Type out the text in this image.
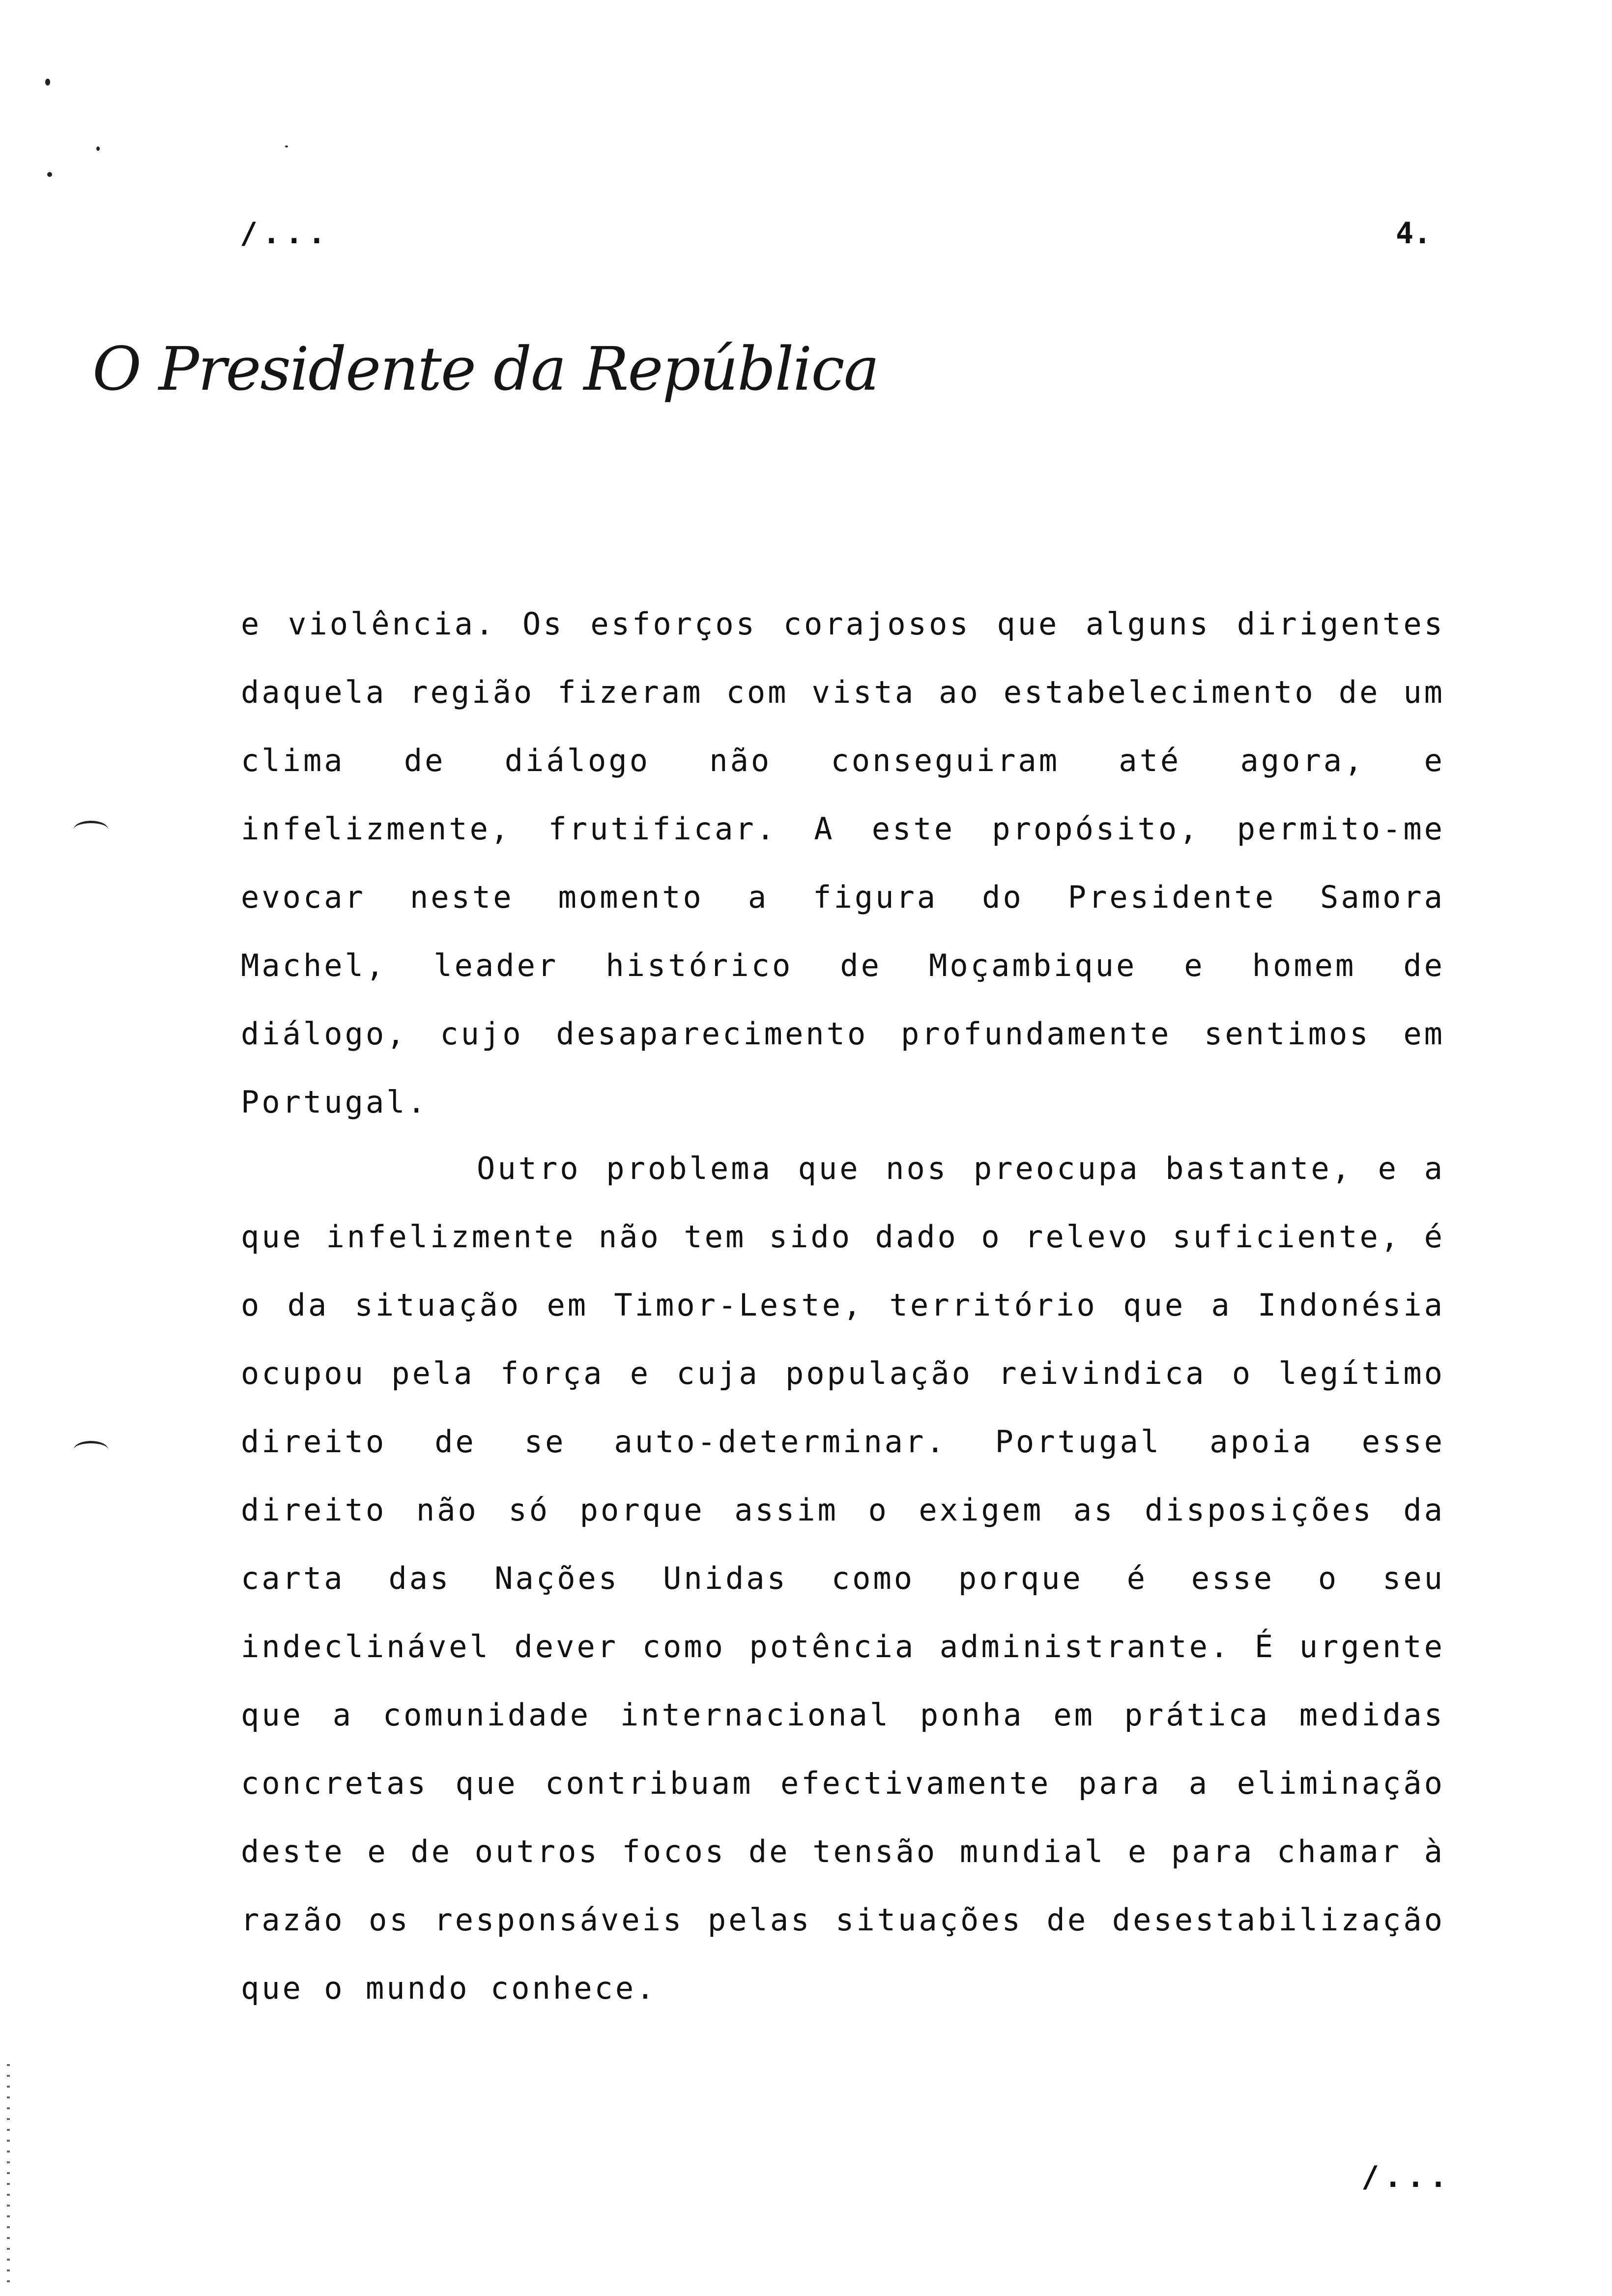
/...	4.
O Presidente da República
e violência. Os esforços corajosos que alguns dirigentes daquela região fizeram com vista ao estabelecimento de um clima de diálogo não conseguiram até agora, e infelizmente, frutificar. A este propósito, permito-me evocar neste momento a figura do Presidente Samora Machel, leader histórico de Moçambique e homem de diálogo, cujo desaparecimento profundamente sentimos em Portugal.
Outro problema que nos preocupa bastante, e a que infelizmente não tem sido dado o relevo suficiente, é o da situação em Timor-Leste, território que a Indonésia ocupou pela força e cuja população reivindica o legítimo direito de se auto-determinar. Portugal apoia esse direito não só porque assim o exigem as disposições da carta das Nações Unidas como porque é esse o seu indeclinável dever como potência administrante. É urgente que a comunidade internacional ponha em prática medidas concretas que contribuam efectivamente para a eliminação deste e de outros focos de tensão mundial e para chamar à razão os responsáveis pelas situações de desestabilização que o mundo conhece.
/...
